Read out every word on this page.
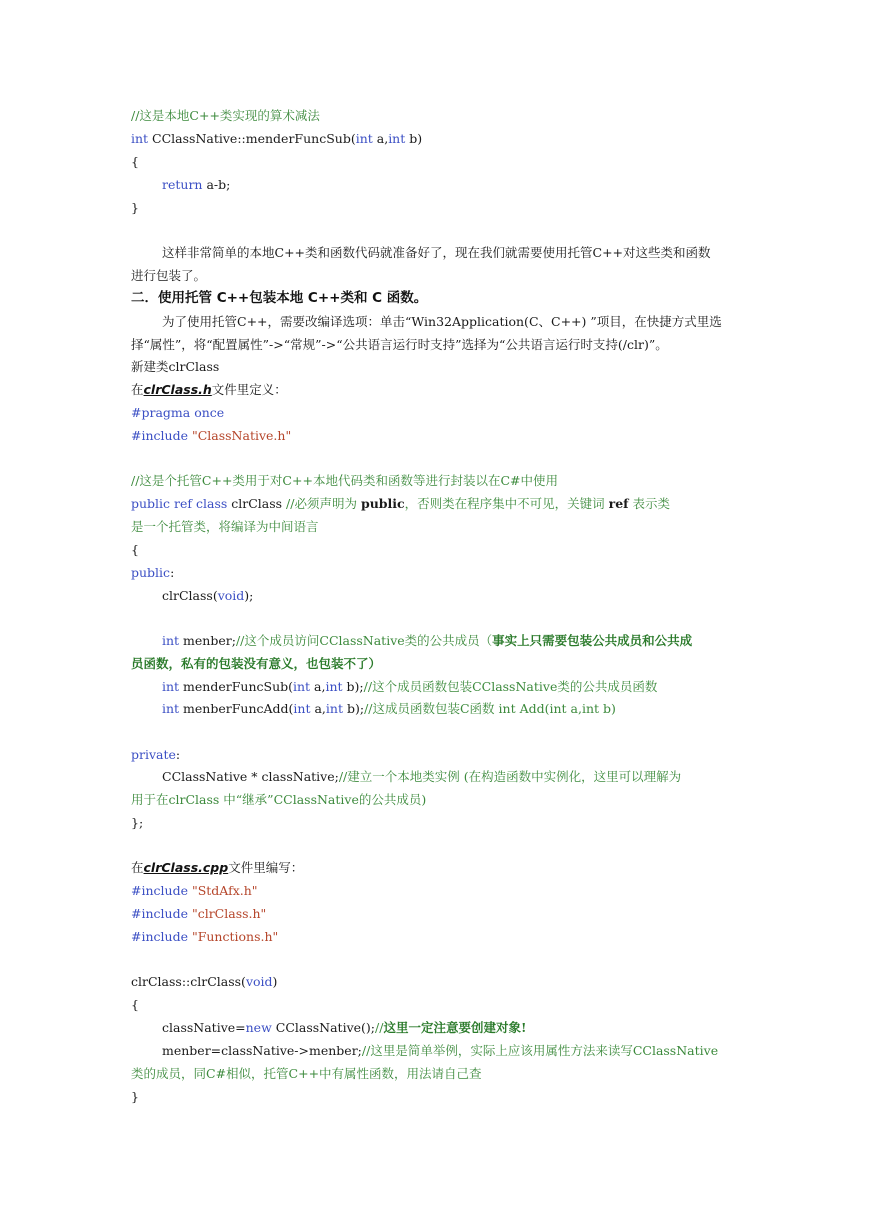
//这是本地C++类实现的算术减法
int CClassNative::menderFuncSub(int a,int b)
{
return a-b;
}
这样非常简单的本地C++类和函数代码就准备好了，现在我们就需要使用托管C++对这些类和函数
进行包装了。
二．使用托管 C++包装本地 C++类和 C 函数。
为了使用托管C++，需要改编译选项：单击“Win32Application(C、C++) ”项目，在快捷方式里选
择“属性”，将“配置属性”->“常规”->“公共语言运行时支持”选择为“公共语言运行时支持(/clr)”。
新建类clrClass
在clrClass.h文件里定义：
#pragma once
#include "ClassNative.h"
//这是个托管C++类用于对C++本地代码类和函数等进行封装以在C#中使用
public ref class clrClass //必须声明为 public，否则类在程序集中不可见，关键词 ref 表示类
是一个托管类，将编译为中间语言
{
public:
clrClass(void);
int menber;//这个成员访问CClassNative类的公共成员（事实上只需要包装公共成员和公共成
员函数，私有的包装没有意义，也包装不了）
int menderFuncSub(int a,int b);//这个成员函数包装CClassNative类的公共成员函数
int menberFuncAdd(int a,int b);//这成员函数包装C函数 int Add(int a,int b)
private:
CClassNative * classNative;//建立一个本地类实例 (在构造函数中实例化，这里可以理解为
用于在clrClass 中“继承”CClassNative的公共成员)
};
在clrClass.cpp文件里编写：
#include "StdAfx.h"
#include "clrClass.h"
#include "Functions.h"
clrClass::clrClass(void)
{
classNative=new CClassNative();//这里一定注意要创建对象!
menber=classNative->menber;//这里是简单举例，实际上应该用属性方法来读写CClassNative
类的成员，同C#相似，托管C++中有属性函数，用法请自己查
}
